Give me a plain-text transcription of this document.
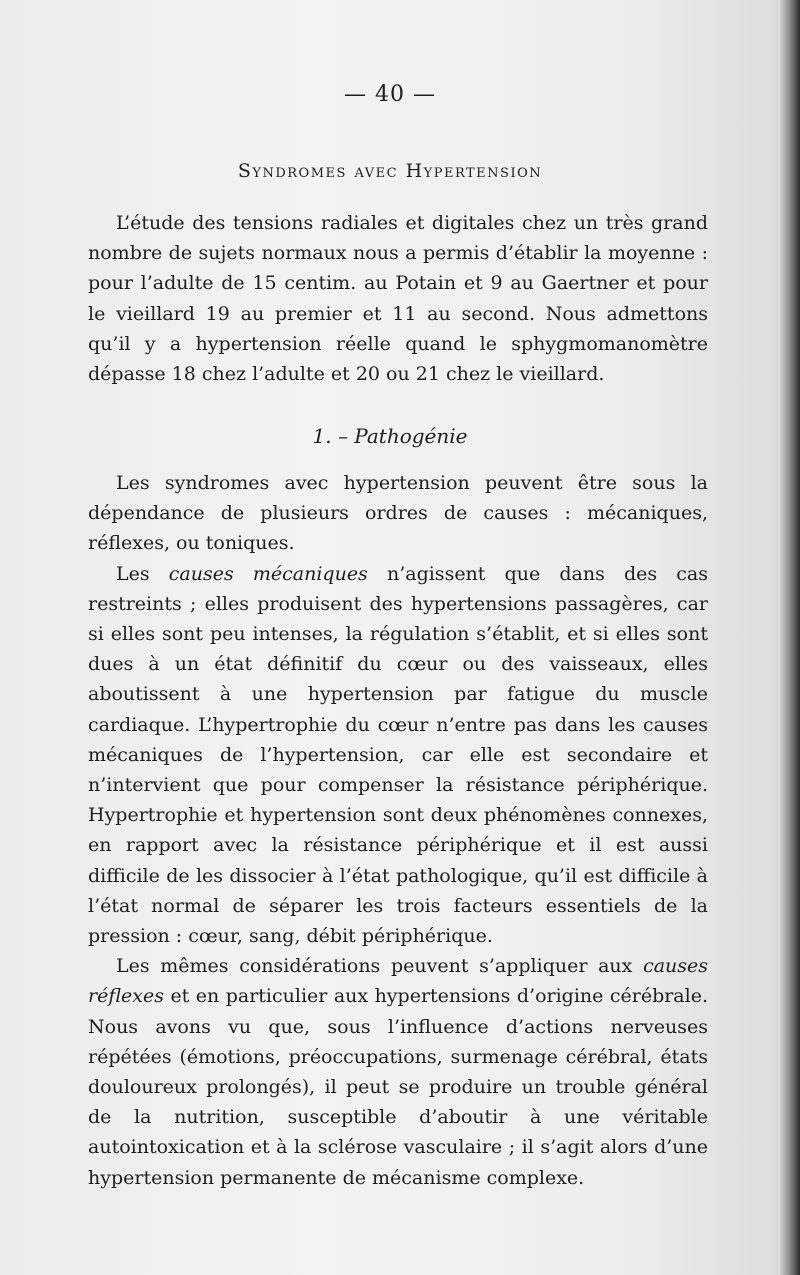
— 40 —
Syndromes avec Hypertension

L’étude des tensions radiales et digitales chez un très grand nombre de sujets normaux nous a permis d’établir la moyenne : pour l’adulte de 15 centim. au Potain et 9 au Gaertner et pour le vieillard 19 au premier et 11 au second. Nous admettons qu’il y a hypertension réelle quand le sphygmomanomètre dépasse 18 chez l’adulte et 20 ou 21 chez le vieillard.

1. – Pathogénie

Les syndromes avec hypertension peuvent être sous la dépendance de plusieurs ordres de causes : mécaniques, réflexes, ou toniques.

Les causes mécaniques n’agissent que dans des cas restreints ; elles produisent des hypertensions passagères, car si elles sont peu intenses, la régulation s’établit, et si elles sont dues à un état définitif du cœur ou des vaisseaux, elles aboutissent à une hypertension par fatigue du muscle cardiaque. L’hypertrophie du cœur n’entre pas dans les causes mécaniques de l’hypertension, car elle est secondaire et n’intervient que pour compenser la résistance périphérique. Hypertrophie et hypertension sont deux phénomènes connexes, en rapport avec la résistance périphérique et il est aussi difficile de les dissocier à l’état pathologique, qu’il est difficile à l’état normal de séparer les trois facteurs essentiels de la pression : cœur, sang, débit périphérique.

Les mêmes considérations peuvent s’appliquer aux causes réflexes et en particulier aux hypertensions d’origine cérébrale. Nous avons vu que, sous l’influence d’actions nerveuses répétées (émotions, préoccupations, surmenage cérébral, états douloureux prolongés), il peut se produire un trouble général de la nutrition, susceptible d’aboutir à une véritable autointoxication et à la sclérose vasculaire ; il s’agit alors d’une hypertension permanente de mécanisme complexe.
